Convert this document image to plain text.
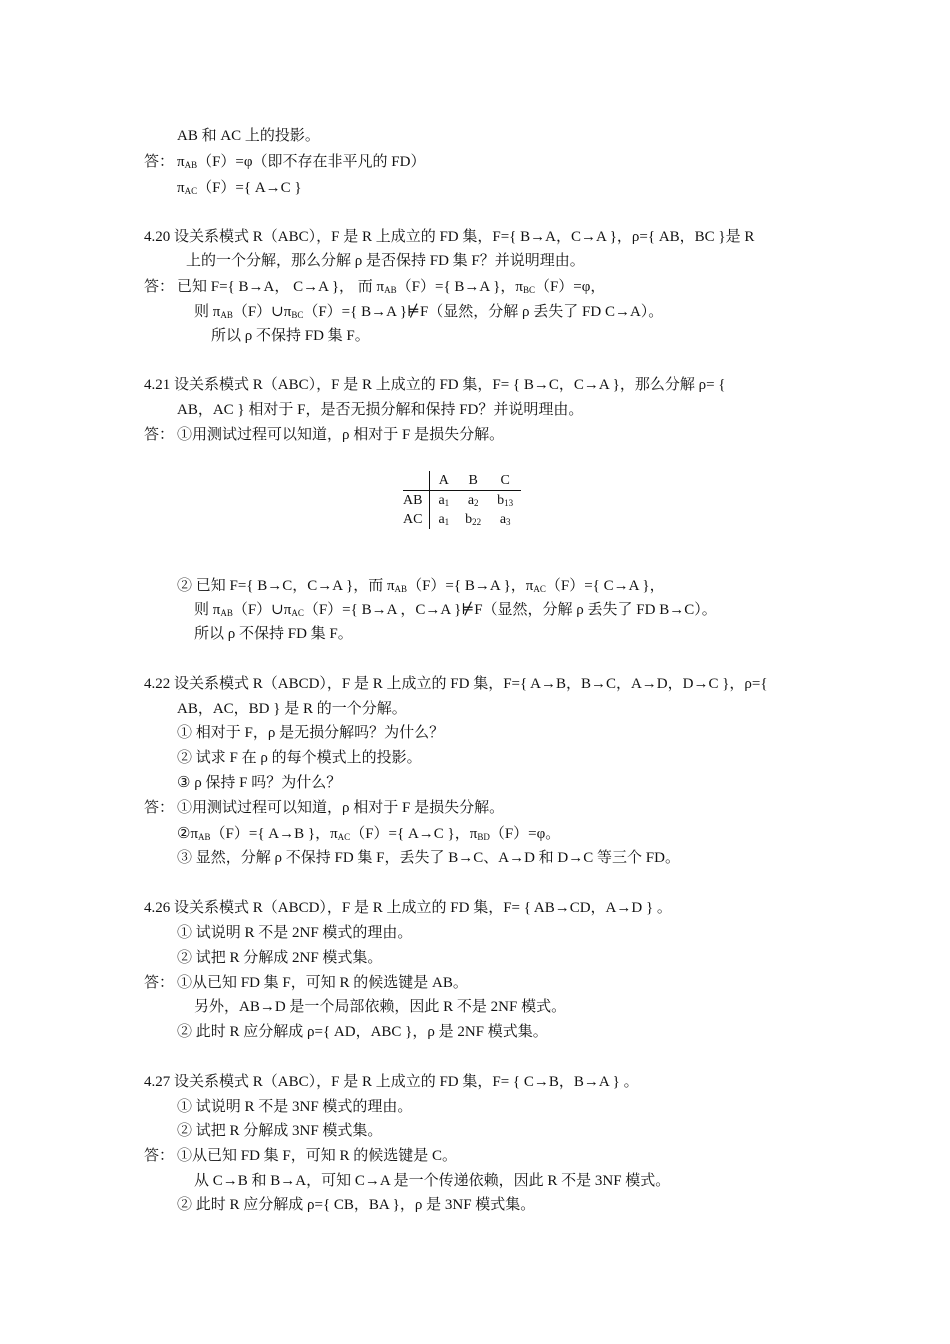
AB 和 AC 上的投影。
答： $\pi_{AB}(F)=\varphi$（即不存在非平凡的 FD）
$\pi_{AC}(F)=${ A→C }
4.20 设关系模式 R（ABC），F 是 R 上成立的 FD 集，F={ B→A，C→A }，ρ={ AB，BC }是 R
上的一个分解，那么分解 ρ 是否保持 FD 集 F？并说明理由。
答： 已知 F={ B→A， C→A }， 而 $\pi_{AB}(F)=${ B→A }，$\pi_{BC}(F)=\varphi$，
则 $\pi_{AB}(F)\cup\pi_{BC}(F)=${ B→A }⊭F（显然，分解 ρ 丢失了 FD C→A）。
所以 ρ 不保持 FD 集 F。
4.21 设关系模式 R（ABC），F 是 R 上成立的 FD 集，F= { B→C，C→A }，那么分解 ρ= {
AB，AC } 相对于 F，是否无损分解和保持 FD？并说明理由。
答： ①用测试过程可以知道，ρ 相对于 F 是损失分解。
	A	B	C
AB	$a_1$	$a_2$	$b_{13}$
AC	$a_1$	$b_{22}$	$a_3$
② 已知 F={ B→C，C→A }，而 $\pi_{AB}(F)=${ B→A }，$\pi_{AC}(F)=${ C→A }，
则 $\pi_{AB}(F)\cup\pi_{AC}(F)=${ B→A ，C→A }⊭F（显然，分解 ρ 丢失了 FD B→C）。
所以 ρ 不保持 FD 集 F。
4.22 设关系模式 R（ABCD），F 是 R 上成立的 FD 集，F={ A→B，B→C，A→D，D→C }，ρ={
AB，AC，BD } 是 R 的一个分解。
① 相对于 F，ρ 是无损分解吗？为什么？
② 试求 F 在 ρ 的每个模式上的投影。
③ ρ 保持 F 吗？为什么？
答： ①用测试过程可以知道，ρ 相对于 F 是损失分解。
$②\pi_{AB}(F)=${ A→B }，$\pi_{AC}(F)=${ A→C }，$\pi_{BD}(F)=\varphi$。
③ 显然，分解 ρ 不保持 FD 集 F，丢失了 B→C、A→D 和 D→C 等三个 FD。
4.26 设关系模式 R（ABCD），F 是 R 上成立的 FD 集，F= { AB→CD，A→D } 。
① 试说明 R 不是 2NF 模式的理由。
② 试把 R 分解成 2NF 模式集。
答： ①从已知 FD 集 F，可知 R 的候选键是 AB。
另外，AB→D 是一个局部依赖，因此 R 不是 2NF 模式。
② 此时 R 应分解成 ρ={ AD，ABC }，ρ 是 2NF 模式集。
4.27 设关系模式 R（ABC），F 是 R 上成立的 FD 集，F= { C→B，B→A } 。
① 试说明 R 不是 3NF 模式的理由。
② 试把 R 分解成 3NF 模式集。
答： ①从已知 FD 集 F，可知 R 的候选键是 C。
从 C→B 和 B→A，可知 C→A 是一个传递依赖，因此 R 不是 3NF 模式。
② 此时 R 应分解成 ρ={ CB，BA }，ρ 是 3NF 模式集。
